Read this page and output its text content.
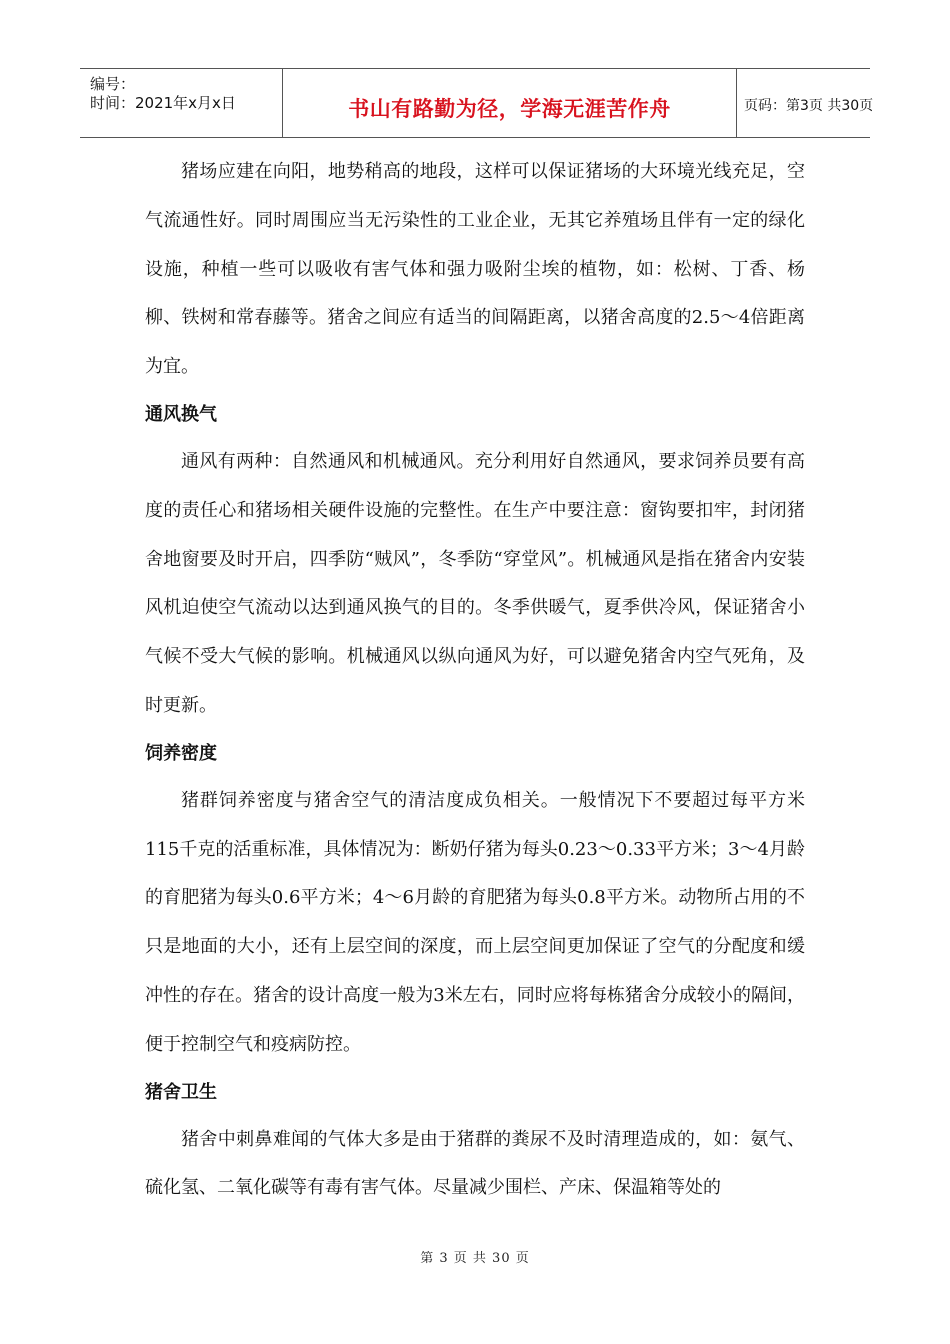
编号：
时间：2021年x月x日	书山有路勤为径，学海无涯苦作舟	页码：第3页 共30页

猪场应建在向阳，地势稍高的地段，这样可以保证猪场的大环境光线充足，空气流通性好。同时周围应当无污染性的工业企业，无其它养殖场且伴有一定的绿化设施，种植一些可以吸收有害气体和强力吸附尘埃的植物，如：松树、丁香、杨柳、铁树和常春藤等。猪舍之间应有适当的间隔距离，以猪舍高度的2.5～4倍距离为宜。

通风换气

通风有两种：自然通风和机械通风。充分利用好自然通风，要求饲养员要有高度的责任心和猪场相关硬件设施的完整性。在生产中要注意：窗钩要扣牢，封闭猪舍地窗要及时开启，四季防“贼风”，冬季防“穿堂风”。机械通风是指在猪舍内安装风机迫使空气流动以达到通风换气的目的。冬季供暖气，夏季供冷风，保证猪舍小气候不受大气候的影响。机械通风以纵向通风为好，可以避免猪舍内空气死角，及时更新。

饲养密度

猪群饲养密度与猪舍空气的清洁度成负相关。一般情况下不要超过每平方米115千克的活重标准，具体情况为：断奶仔猪为每头0.23～0.33平方米；3～4月龄的育肥猪为每头0.6平方米；4～6月龄的育肥猪为每头0.8平方米。动物所占用的不只是地面的大小，还有上层空间的深度，而上层空间更加保证了空气的分配度和缓冲性的存在。猪舍的设计高度一般为3米左右，同时应将每栋猪舍分成较小的隔间，便于控制空气和疫病防控。

猪舍卫生

猪舍中刺鼻难闻的气体大多是由于猪群的粪尿不及时清理造成的，如：氨气、硫化氢、二氧化碳等有毒有害气体。尽量减少围栏、产床、保温箱等处的

第 3 页 共 30 页
